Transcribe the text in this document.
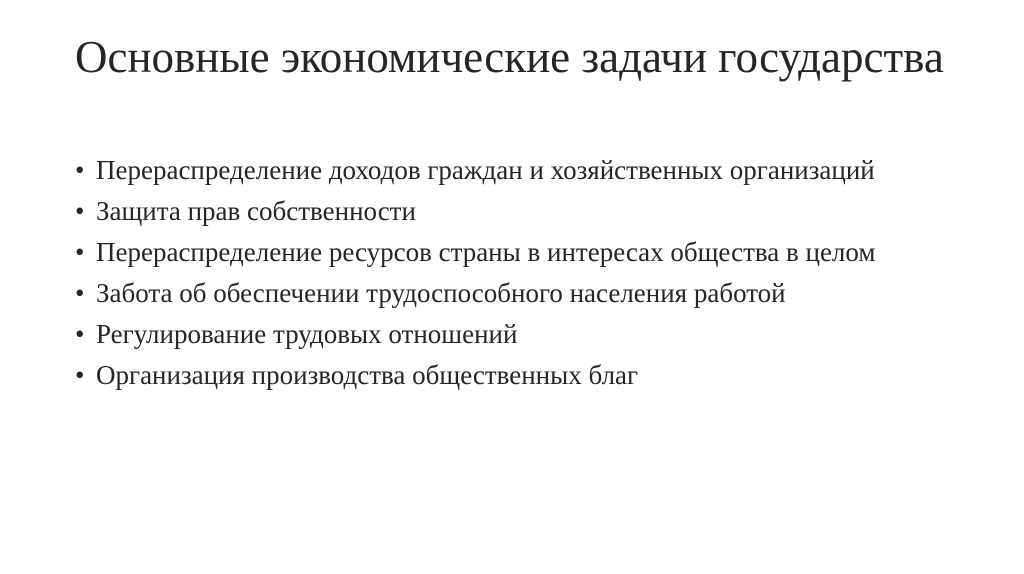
Основные экономические задачи государства
• Перераспределение доходов граждан и хозяйственных организаций
• Защита прав собственности
• Перераспределение ресурсов страны в интересах общества в целом
• Забота об обеспечении трудоспособного населения работой
• Регулирование трудовых отношений
• Организация производства общественных благ
